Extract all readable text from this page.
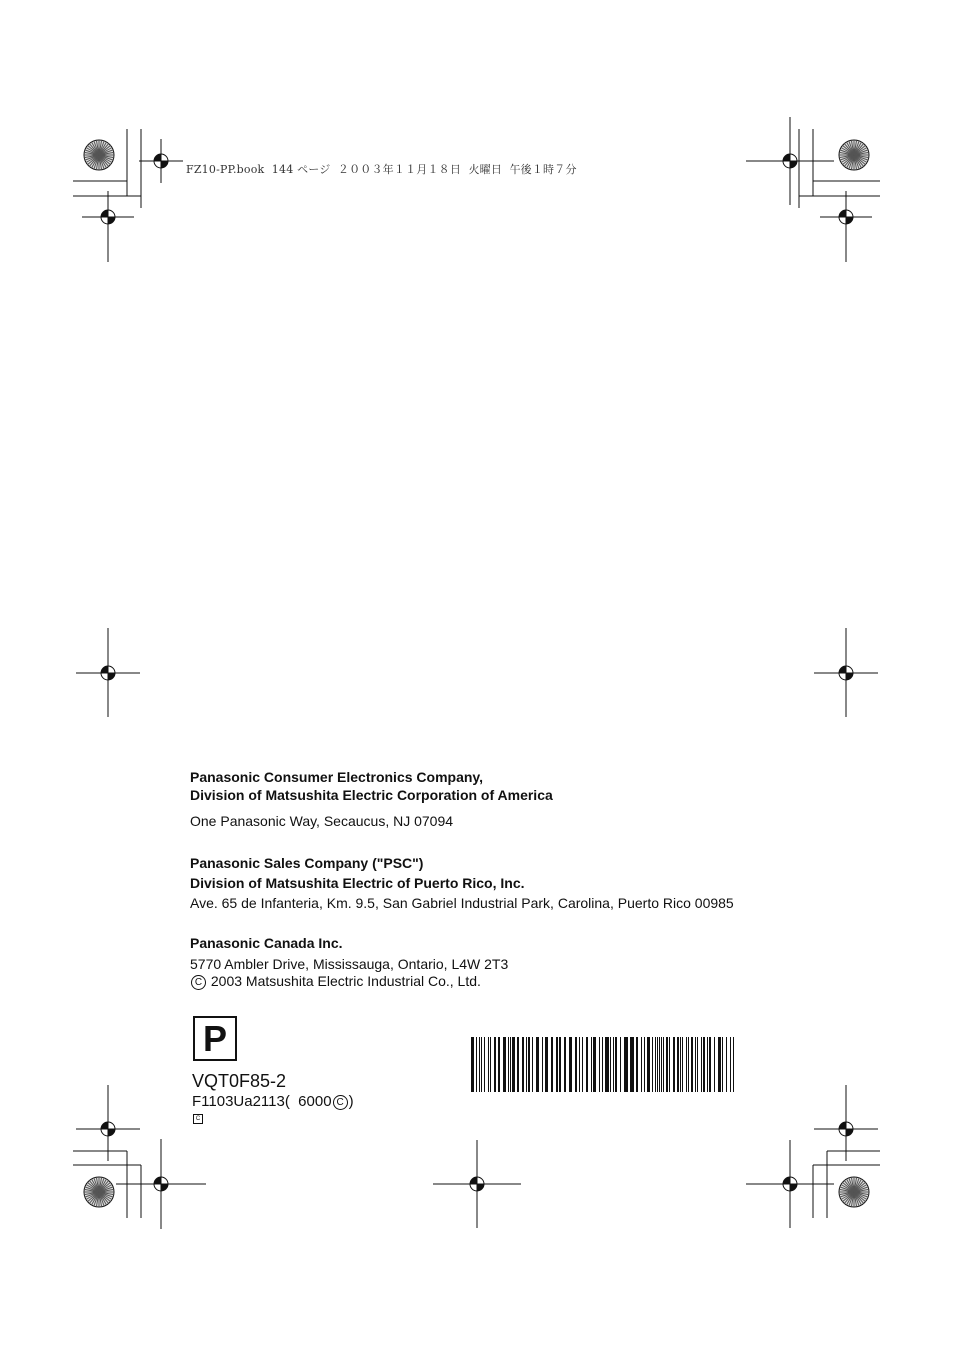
FZ10-PP.book  144 ページ  ２００３年１１月１８日  火曜日  午後１時７分
Panasonic Consumer Electronics Company,
Division of Matsushita Electric Corporation of America
One Panasonic Way, Secaucus, NJ 07094
Panasonic Sales Company ("PSC")
Division of Matsushita Electric of Puerto Rico, Inc.
Ave. 65 de Infanteria, Km. 9.5, San Gabriel Industrial Park, Carolina, Puerto Rico 00985
Panasonic Canada Inc.
5770 Ambler Drive, Mississauga, Ontario, L4W 2T3
C 2003 Matsushita Electric Industrial Co., Ltd.
P
VQT0F85-2
F1103Ua2113(  6000 C )
C
